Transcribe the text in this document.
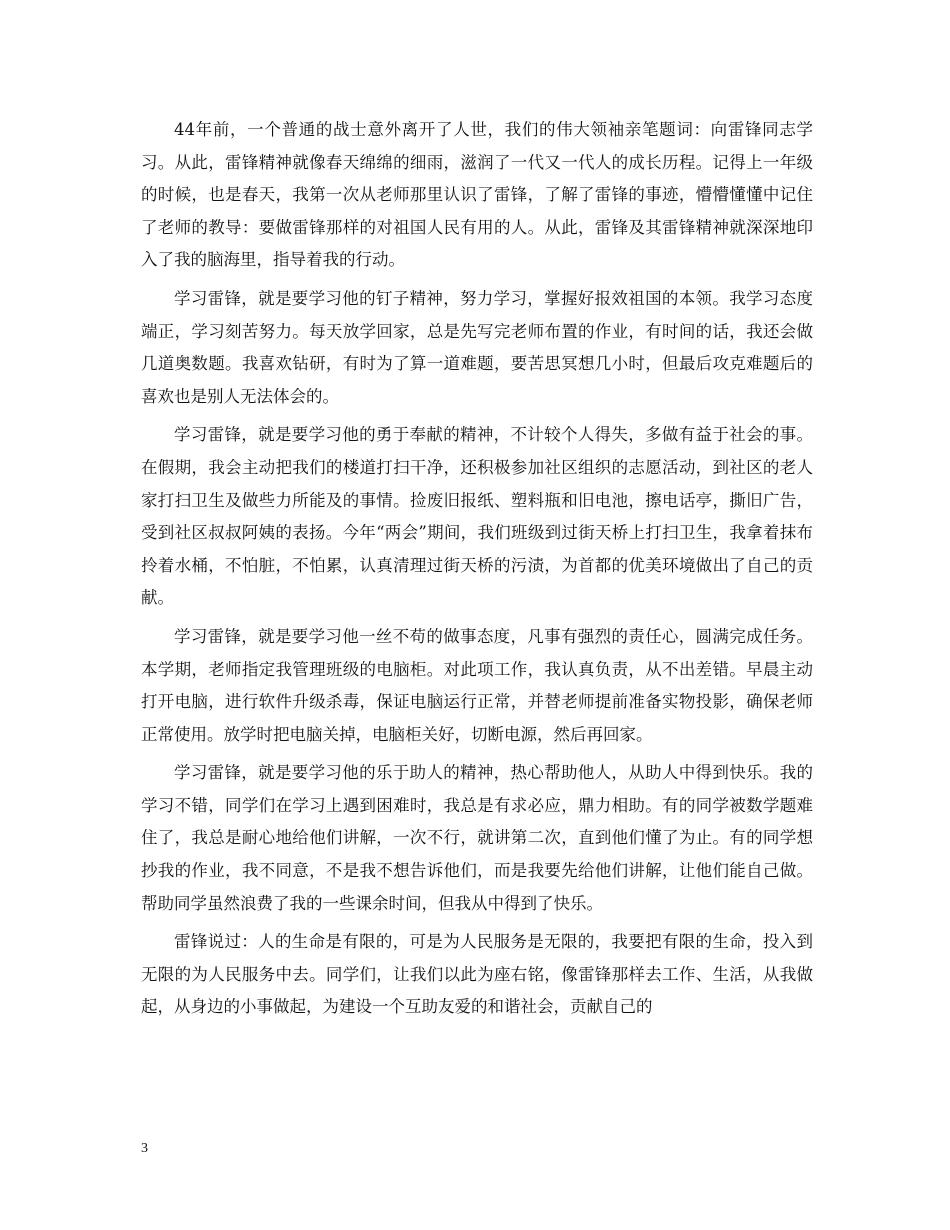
44年前，一个普通的战士意外离开了人世，我们的伟大领袖亲笔题词：向雷锋同志学习。从此，雷锋精神就像春天绵绵的细雨，滋润了一代又一代人的成长历程。记得上一年级的时候，也是春天，我第一次从老师那里认识了雷锋，了解了雷锋的事迹，懵懵懂懂中记住了老师的教导：要做雷锋那样的对祖国人民有用的人。从此，雷锋及其雷锋精神就深深地印入了我的脑海里，指导着我的行动。

学习雷锋，就是要学习他的钉子精神，努力学习，掌握好报效祖国的本领。我学习态度端正，学习刻苦努力。每天放学回家，总是先写完老师布置的作业，有时间的话，我还会做几道奥数题。我喜欢钻研，有时为了算一道难题，要苦思冥想几小时，但最后攻克难题后的喜欢也是别人无法体会的。

学习雷锋，就是要学习他的勇于奉献的精神，不计较个人得失，多做有益于社会的事。在假期，我会主动把我们的楼道打扫干净，还积极参加社区组织的志愿活动，到社区的老人家打扫卫生及做些力所能及的事情。捡废旧报纸、塑料瓶和旧电池，擦电话亭，撕旧广告，受到社区叔叔阿姨的表扬。今年“两会”期间，我们班级到过街天桥上打扫卫生，我拿着抹布拎着水桶，不怕脏，不怕累，认真清理过街天桥的污渍，为首都的优美环境做出了自己的贡献。

学习雷锋，就是要学习他一丝不苟的做事态度，凡事有强烈的责任心，圆满完成任务。本学期，老师指定我管理班级的电脑柜。对此项工作，我认真负责，从不出差错。早晨主动打开电脑，进行软件升级杀毒，保证电脑运行正常，并替老师提前准备实物投影，确保老师正常使用。放学时把电脑关掉，电脑柜关好，切断电源，然后再回家。

学习雷锋，就是要学习他的乐于助人的精神，热心帮助他人，从助人中得到快乐。我的学习不错，同学们在学习上遇到困难时，我总是有求必应，鼎力相助。有的同学被数学题难住了，我总是耐心地给他们讲解，一次不行，就讲第二次，直到他们懂了为止。有的同学想抄我的作业，我不同意，不是我不想告诉他们，而是我要先给他们讲解，让他们能自己做。帮助同学虽然浪费了我的一些课余时间，但我从中得到了快乐。

雷锋说过：人的生命是有限的，可是为人民服务是无限的，我要把有限的生命，投入到无限的为人民服务中去。同学们，让我们以此为座右铭，像雷锋那样去工作、生活，从我做起，从身边的小事做起，为建设一个互助友爱的和谐社会，贡献自己的

3
